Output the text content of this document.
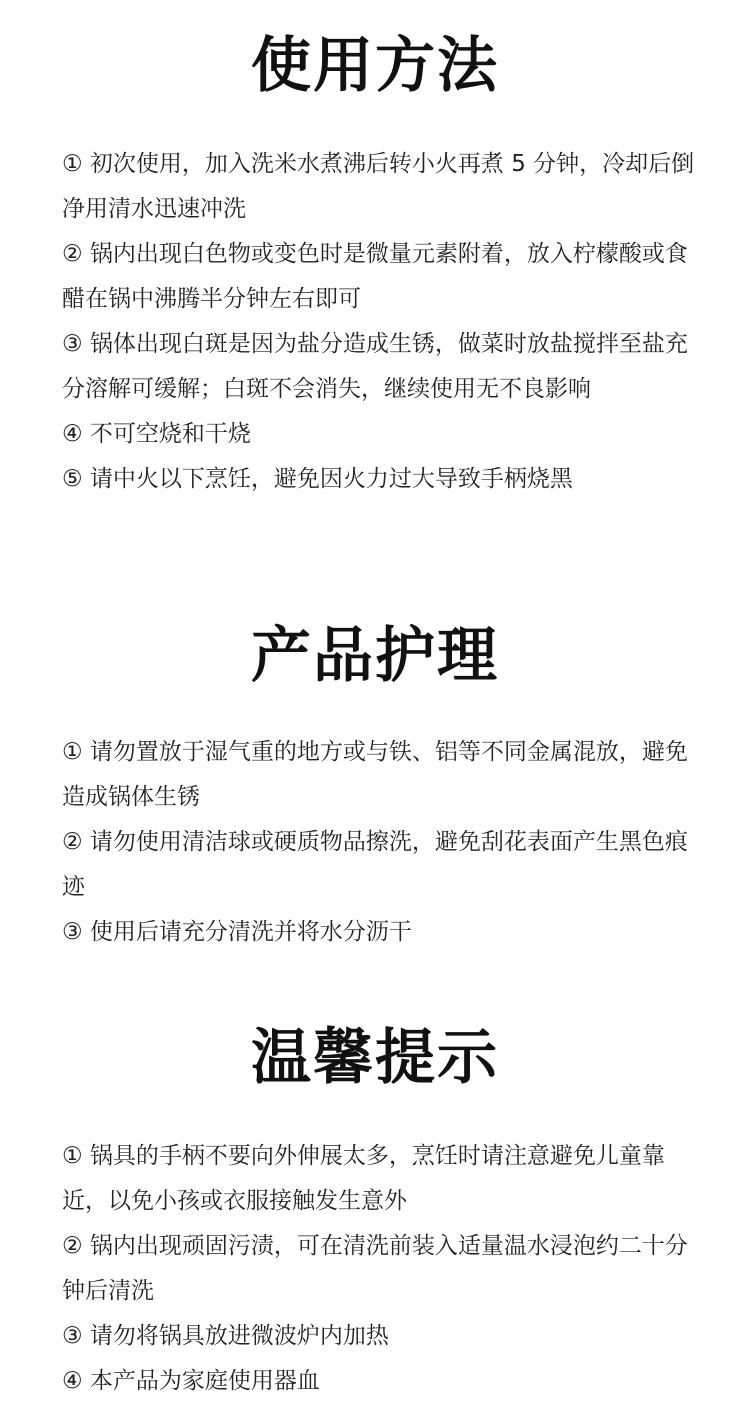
使用方法
① 初次使用，加入洗米水煮沸后转小火再煮 5 分钟，冷却后倒净用清水迅速冲洗
② 锅内出现白色物或变色时是微量元素附着，放入柠檬酸或食醋在锅中沸腾半分钟左右即可
③ 锅体出现白斑是因为盐分造成生锈，做菜时放盐搅拌至盐充分溶解可缓解；白斑不会消失，继续使用无不良影响
④ 不可空烧和干烧
⑤ 请中火以下烹饪，避免因火力过大导致手柄烧黑
产品护理
① 请勿置放于湿气重的地方或与铁、铝等不同金属混放，避免造成锅体生锈
② 请勿使用清洁球或硬质物品擦洗，避免刮花表面产生黑色痕迹
③ 使用后请充分清洗并将水分沥干
温馨提示
① 锅具的手柄不要向外伸展太多，烹饪时请注意避免儿童靠近，以免小孩或衣服接触发生意外
② 锅内出现顽固污渍，可在清洗前装入适量温水浸泡约二十分钟后清洗
③ 请勿将锅具放进微波炉内加热
④ 本产品为家庭使用器血
